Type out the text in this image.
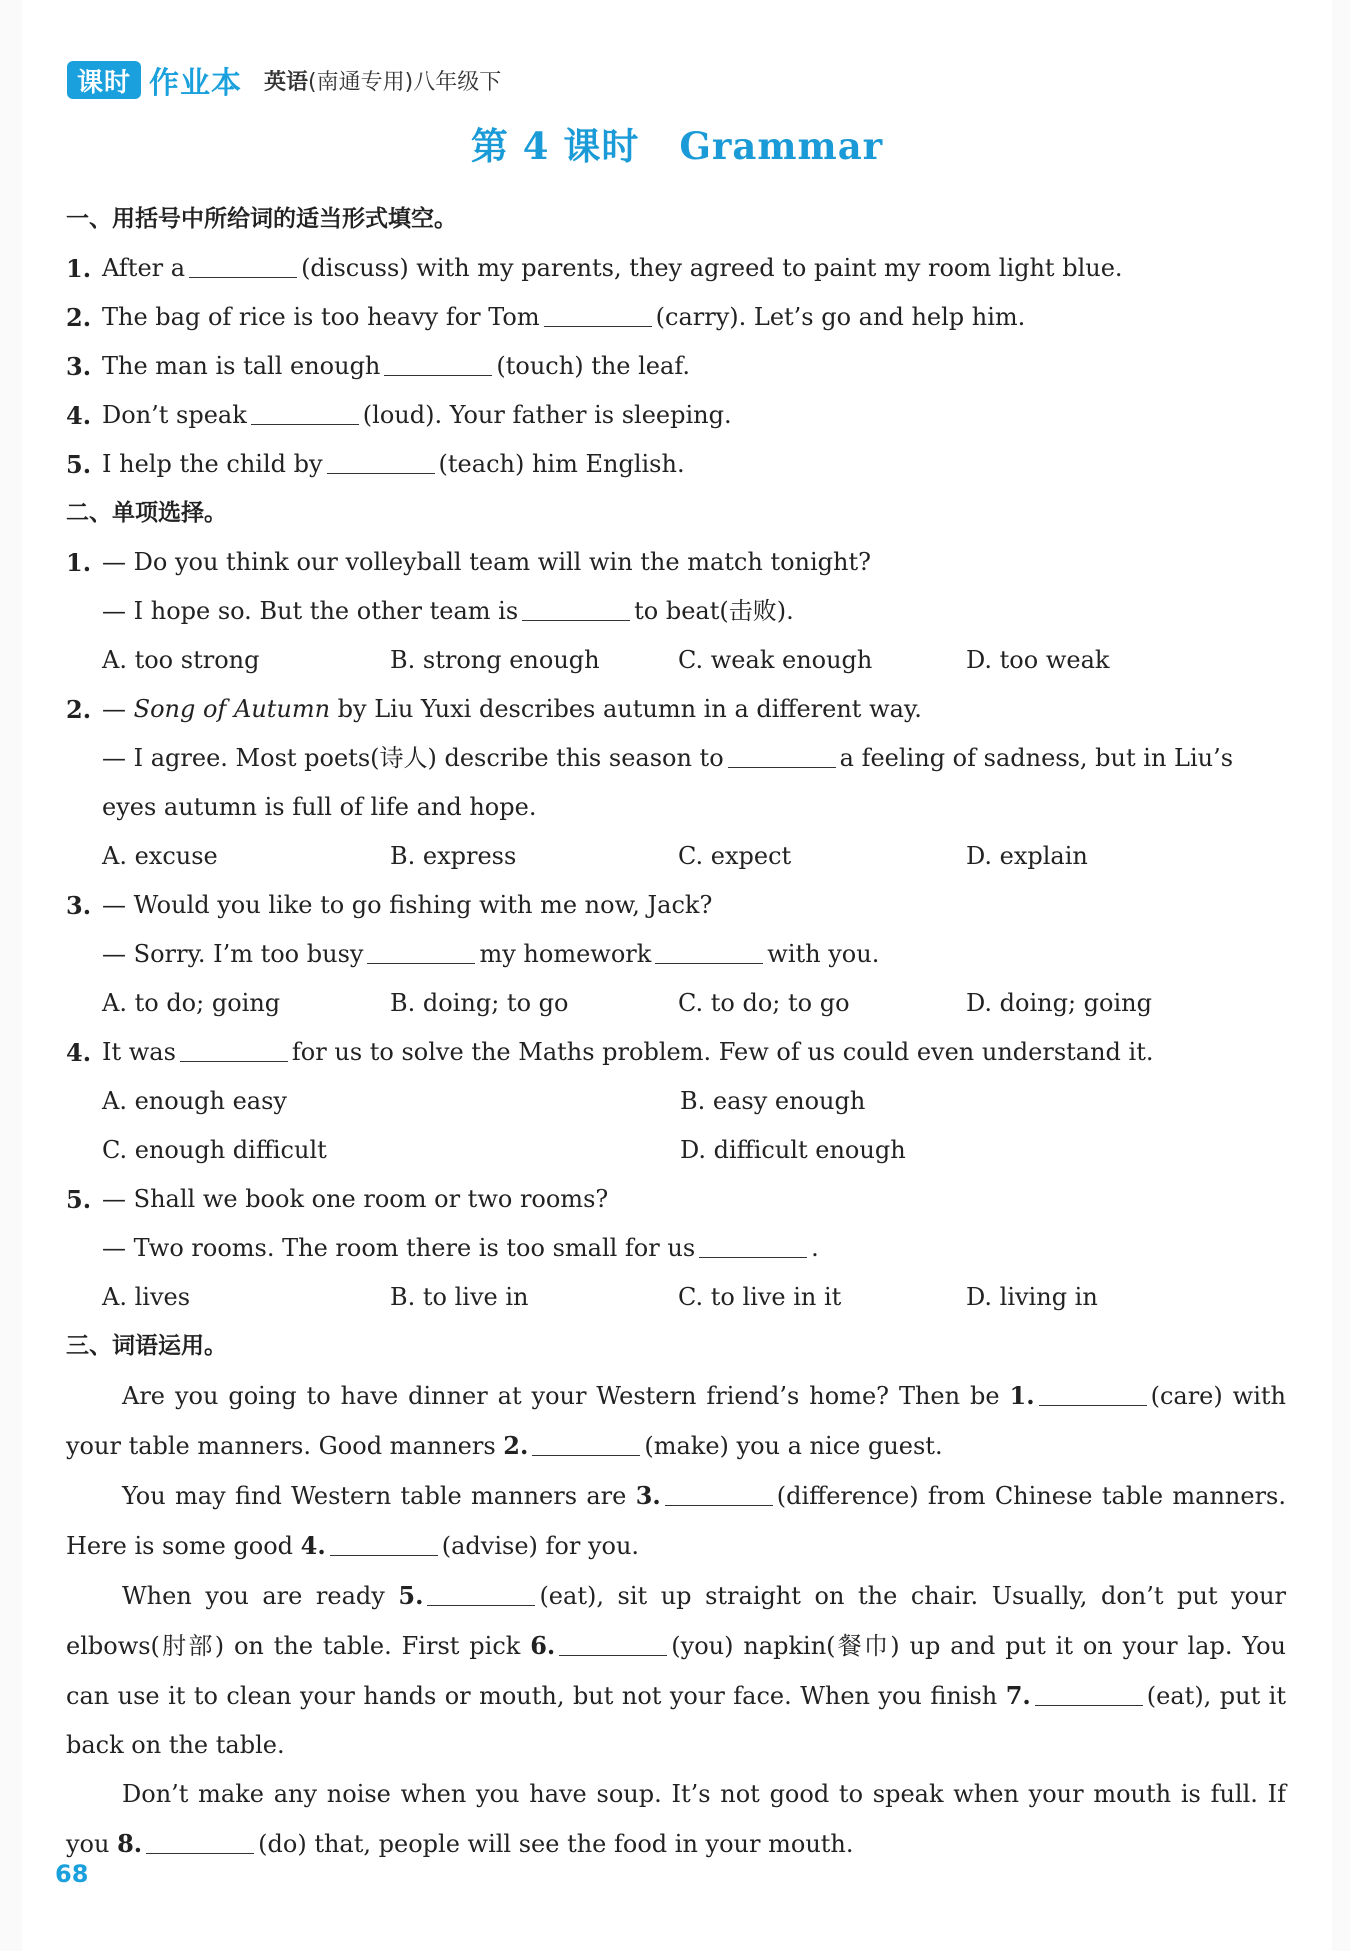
课时 作业本 英语(南通专用)八年级下
第 4 课时 Grammar
一、用括号中所给词的适当形式填空。
1. After a	(discuss) with my parents, they agreed to paint my room light blue.
2. The bag of rice is too heavy for Tom	(carry). Let’s go and help him.
3. The man is tall enough	(touch) the leaf.
4. Don’t speak	(loud). Your father is sleeping.
5. I help the child by	(teach) him English.
二、单项选择。
1. — Do you think our volleyball team will win the match tonight?
— I hope so. But the other team is	to beat(击败).
A. too strong	B. strong enough	C. weak enough	D. too weak
2. — Song of Autumn by Liu Yuxi describes autumn in a different way.
— I agree. Most poets(诗人) describe this season to	a feeling of sadness, but in Liu’s
eyes autumn is full of life and hope.
A. excuse	B. express	C. expect	D. explain
3. — Would you like to go fishing with me now, Jack?
— Sorry. I’m too busy	my homework	with you.
A. to do; going	B. doing; to go	C. to do; to go	D. doing; going
4. It was	for us to solve the Maths problem. Few of us could even understand it.
A. enough easy	B. easy enough
C. enough difficult	D. difficult enough
5. — Shall we book one room or two rooms?
— Two rooms. The room there is too small for us	.
A. lives	B. to live in	C. to live in it	D. living in
三、词语运用。
Are you going to have dinner at your Western friend’s home? Then be 1.	(care) with your table manners. Good manners 2.	(make) you a nice guest.
You may find Western table manners are 3.	(difference) from Chinese table manners. Here is some good 4.	(advise) for you.
When you are ready 5.	(eat), sit up straight on the chair. Usually, don’t put your elbows(肘部) on the table. First pick 6.	(you) napkin(餐巾) up and put it on your lap. You can use it to clean your hands or mouth, but not your face. When you finish 7.	(eat), put it back on the table.
Don’t make any noise when you have soup. It’s not good to speak when your mouth is full. If you 8.	(do) that, people will see the food in your mouth.
68
